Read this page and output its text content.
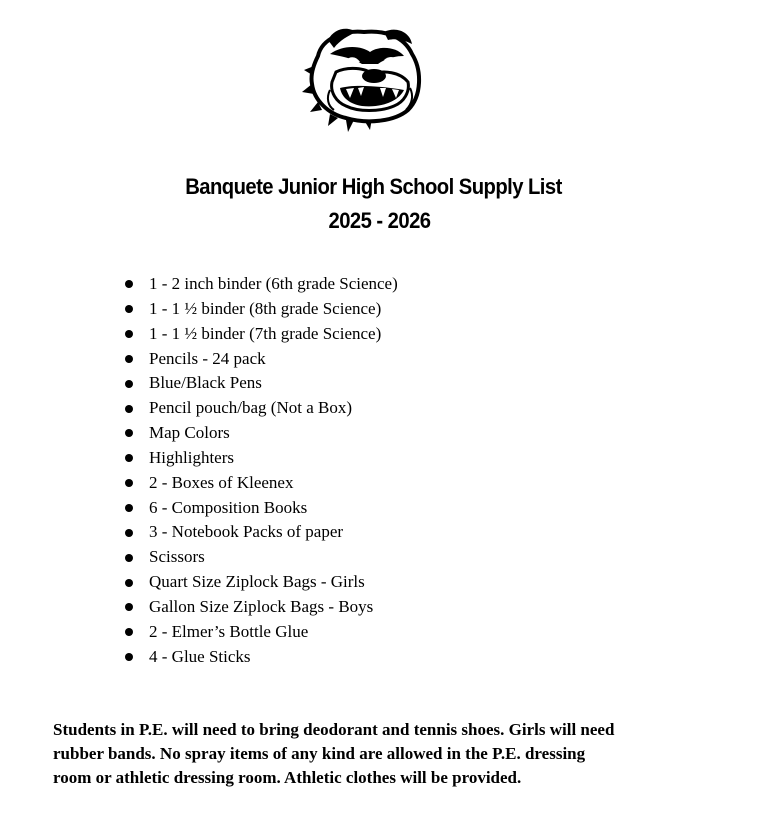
Banquete Junior High School Supply List
2025 - 2026
1 - 2 inch binder (6th grade Science)
1 - 1 ½ binder (8th grade Science)
1 - 1 ½ binder (7th grade Science)
Pencils - 24 pack
Blue/Black Pens
Pencil pouch/bag (Not a Box)
Map Colors
Highlighters
2 - Boxes of Kleenex
6 - Composition Books
3 - Notebook Packs of paper
Scissors
Quart Size Ziplock Bags - Girls
Gallon Size Ziplock Bags - Boys
2 - Elmer’s Bottle Glue
4 - Glue Sticks

Students in P.E. will need to bring deodorant and tennis shoes. Girls will need
rubber bands. No spray items of any kind are allowed in the P.E. dressing
room or athletic dressing room. Athletic clothes will be provided.
